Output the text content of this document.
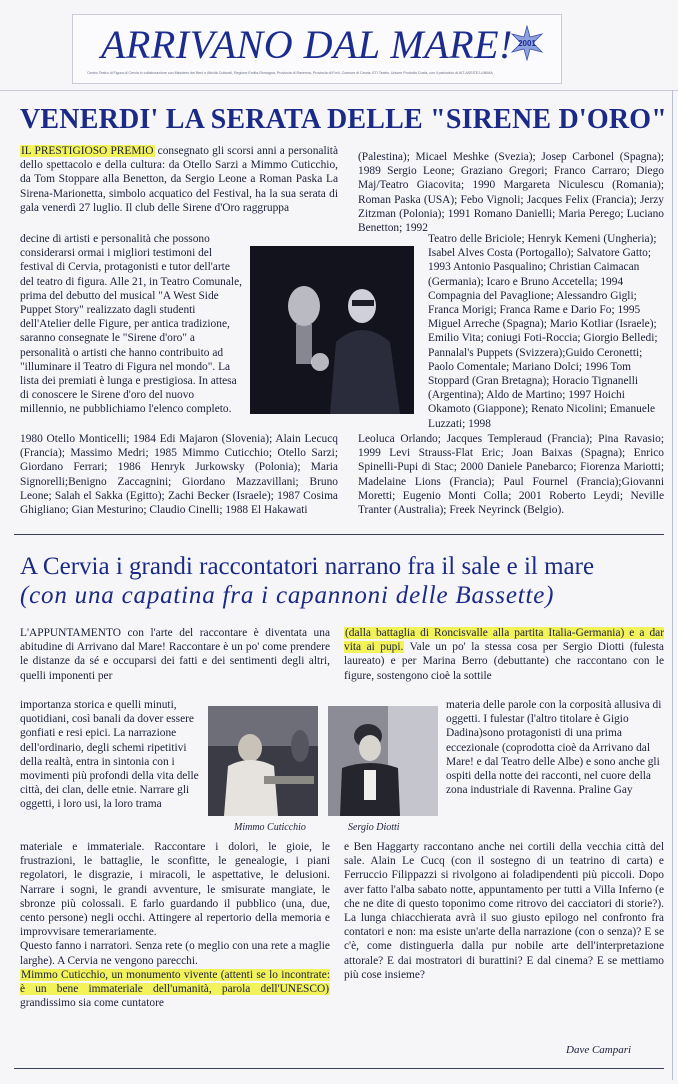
ARRIVANO DAL MARE! 2001
Centro Teatro di Figura di Cervia in collaborazione con Ministero dei Beni e Attività Culturali, Regione Emilia-Romagna, Provincia di Ravenna, Provincia di Forlì, Comune di Cervia, ETI Teatro, Unione Prodotto Costa, con il patrocinio di AIT-ASSITEJ-UNIMA
VENERDI' LA SERATA DELLE "SIRENE D'ORO"

IL PRESTIGIOSO PREMIO consegnato gli scorsi anni a personalità dello spettacolo e della cultura: da Otello Sarzi a Mimmo Cuticchio, da Tom Stoppare alla Benetton, da Sergio Leone a Roman Paska La Sirena-Marionetta, simbolo acquatico del Festival, ha la sua serata di gala venerdì 27 luglio. Il club delle Sirene d'Oro raggruppa

decine di artisti e personalità che possono considerarsi ormai i migliori testimoni del festival di Cervia, protagonisti e tutor dell'arte del teatro di figura. Alle 21, in Teatro Comunale, prima del debutto del musical "A West Side Puppet Story" realizzato dagli studenti dell'Atelier delle Figure, per antica tradizione, saranno consegnate le "Sirene d'oro" a personalità o artisti che hanno contribuito ad "illuminare il Teatro di Figura nel mondo". La lista dei premiati è lunga e prestigiosa. In attesa di conoscere le Sirene d'oro del nuovo millennio, ne pubblichiamo l'elenco completo.
1980 Otello Monticelli; 1984 Edi Majaron (Slovenia); Alain Lecucq (Francia); Massimo Medri; 1985 Mimmo Cuticchio; Otello Sarzi; Giordano Ferrari; 1986 Henryk Jurkowsky (Polonia); Maria Signorelli;Benigno Zaccagnini; Giordano Mazzavillani; Bruno Leone; Salah el Sakka (Egitto); Zachi Becker (Israele); 1987 Cosima Ghigliano; Gian Mesturino; Claudio Cinelli; 1988 El Hakawati
(Palestina); Micael Meshke (Svezia); Josep Carbonel (Spagna); 1989 Sergio Leone; Graziano Gregori; Franco Carraro; Diego Maj/Teatro Giacovita; 1990 Margareta Niculescu (Romania); Roman Paska (USA); Febo Vignoli; Jacques Felix (Francia); Jerzy Zitzman (Polonia); 1991 Romano Danielli; Maria Perego; Luciano Benetton; 1992
Teatro delle Briciole; Henryk Kemeni (Ungheria); Isabel Alves Costa (Portogallo); Salvatore Gatto; 1993 Antonio Pasqualino; Christian Caimacan (Germania); Icaro e Bruno Accetella; 1994 Compagnia del Pavaglione; Alessandro Gigli; Franca Morigi; Franca Rame e Dario Fo; 1995 Miguel Arreche (Spagna); Mario Kotliar (Israele); Emilio Vita; coniugi Foti-Roccia; Giorgio Belledi; Pannalal's Puppets (Svizzera);Guido Ceronetti; Paolo Comentale; Mariano Dolci; 1996 Tom Stoppard (Gran Bretagna); Horacio Tignanelli (Argentina); Aldo de Martino; 1997 Hoichi Okamoto (Giappone); Renato Nicolini; Emanuele Luzzati; 1998
Leoluca Orlando; Jacques Templeraud (Francia); Pina Ravasio; 1999 Levi Strauss-Flat Eric; Joan Baixas (Spagna); Enrico Spinelli-Pupi di Stac; 2000 Daniele Panebarco; Fiorenza Mariotti; Madelaine Lions (Francia); Paul Fournel (Francia);Giovanni Moretti; Eugenio Monti Colla; 2001 Roberto Leydi; Neville Tranter (Australia); Freek Neyrinck (Belgio).
A Cervia i grandi raccontatori narrano fra il sale e il mare
(con una capatina fra i capannoni delle Bassette)
L'APPUNTAMENTO con l'arte del raccontare è diventata una abitudine di Arrivano dal Mare! Raccontare è un po' come prendere le distanze da sé e occuparsi dei fatti e dei sentimenti degli altri, quelli imponenti per
importanza storica e quelli minuti, quotidiani, così banali da dover essere gonfiati e resi epici. La narrazione dell'ordinario, degli schemi ripetitivi della realtà, entra in sintonia con i movimenti più profondi della vita delle città, dei clan, delle etnie. Narrare gli oggetti, i loro usi, la loro trama

materiale e immateriale. Raccontare i dolori, le gioie, le frustrazioni, le battaglie, le sconfitte, le genealogie, i piani regolatori, le disgrazie, i miracoli, le aspettative, le delusioni. Narrare i sogni, le grandi avventure, le smisurate mangiate, le sbronze più colossali. E farlo guardando il pubblico (una, due, cento persone) negli occhi. Attingere al repertorio della memoria e improvvisare temerariamente.

Questo fanno i narratori. Senza rete (o meglio con una rete a maglie larghe). A Cervia ne vengono parecchi.

Mimmo Cuticchio, un monumento vivente (attenti se lo incontrate: è un bene immateriale dell'umanità, parola dell'UNESCO) grandissimo sia come cuntatore

Mimmo Cuticchio	Sergio Diotti

(dalla battaglia di Roncisvalle alla partita Italia-Germania) e a dar vita ai pupi. Vale un po' la stessa cosa per Sergio Diotti (fulesta laureato) e per Marina Berro (debuttante) che raccontano con le figure, sostengono cioè la sottile

materia delle parole con la corposità allusiva di oggetti. I fulestar (l'altro titolare è Gigio Dadina)sono protagonisti di una prima eccezionale (coprodotta cioè da Arrivano dal Mare! e dal Teatro delle Albe) e sono anche gli ospiti della notte dei racconti, nel cuore della zona industriale di Ravenna. Praline Gay
e Ben Haggarty raccontano anche nei cortili della vecchia città del sale. Alain Le Cucq (con il sostegno di un teatrino di carta) e Ferruccio Filippazzi si rivolgono ai foladipendenti più piccoli. Dopo aver fatto l'alba sabato notte, appuntamento per tutti a Villa Inferno (e che ne dite di questo toponimo come ritrovo dei cacciatori di storie?). La lunga chiacchierata avrà il suo giusto epilogo nel confronto fra contatori e non: ma esiste un'arte della narrazione (con o senza)? E se c'è, come distinguerla dalla pur nobile arte dell'interpretazione attorale? E dai mostratori di burattini? E dal cinema? E se mettiamo più cose insieme?
Dave Campari
